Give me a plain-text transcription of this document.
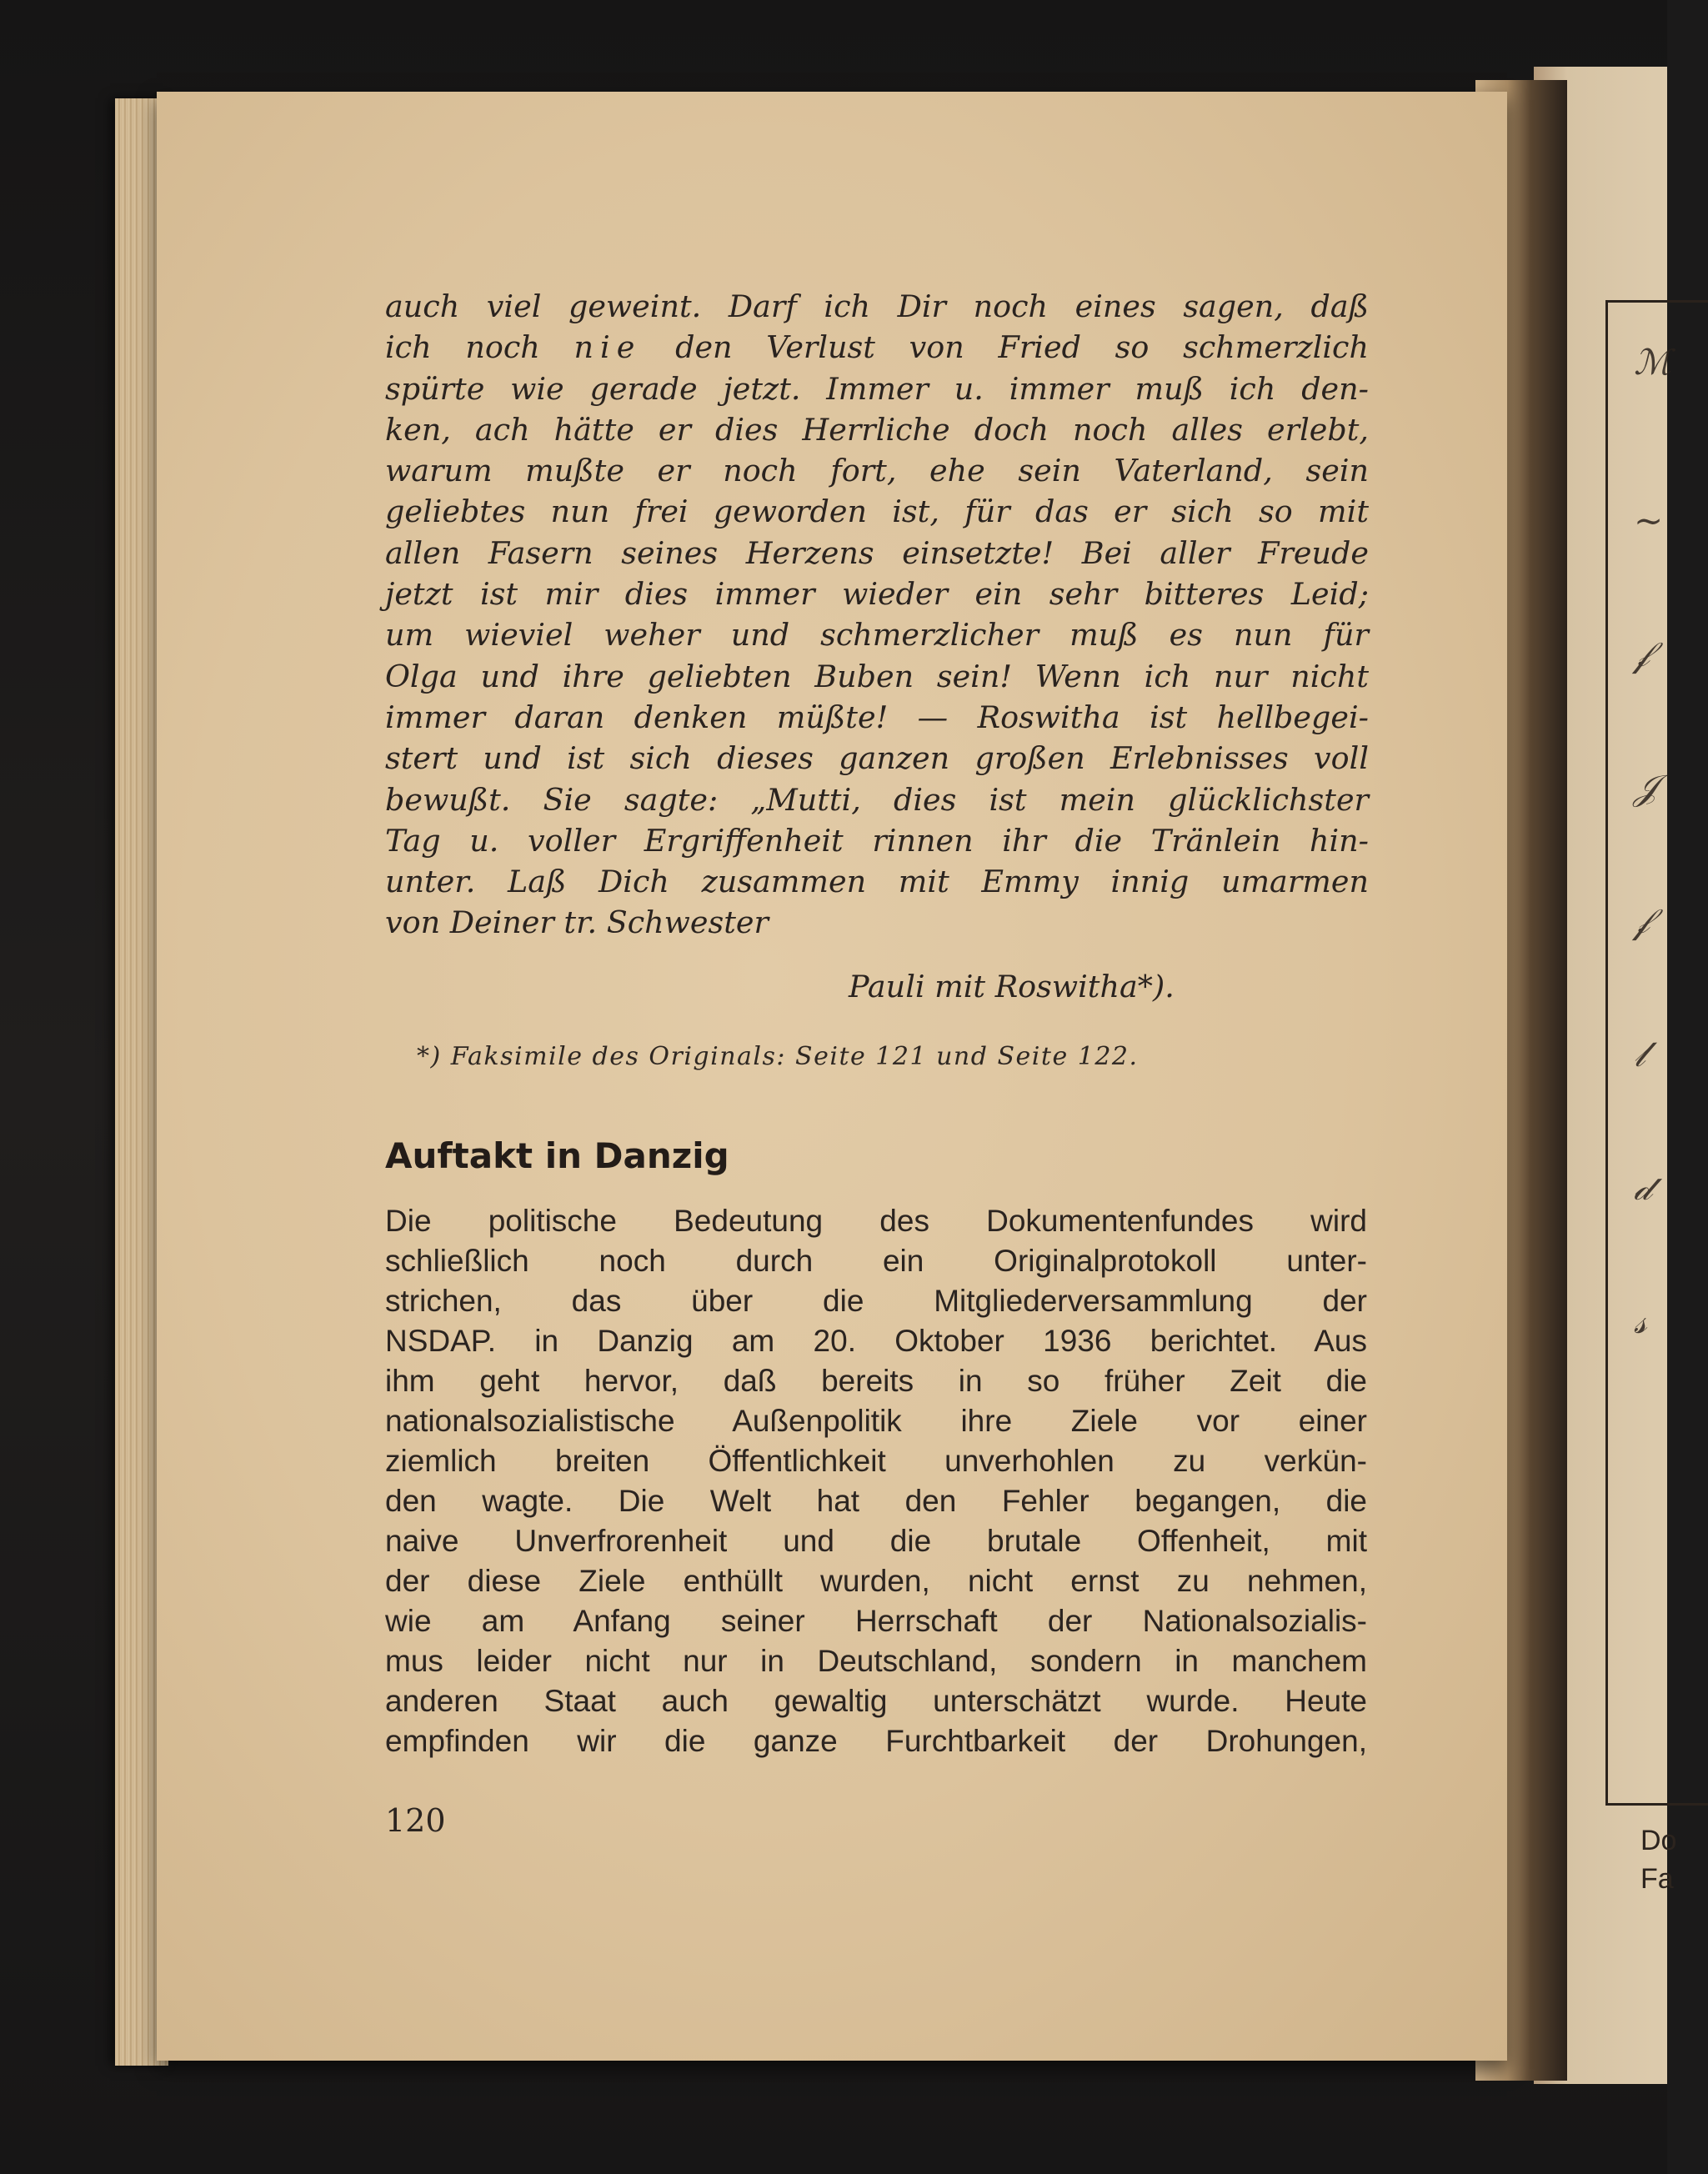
ℳ
~
𝒻
𝒥
𝒻
𝓁
𝒹
𝓈
Do
Fa
auch viel geweint. Darf ich Dir noch eines sagen, daß
ich noch nie den Verlust von Fried so schmerzlich
spürte wie gerade jetzt. Immer u. immer muß ich den-
ken, ach hätte er dies Herrliche doch noch alles erlebt,
warum mußte er noch fort, ehe sein Vaterland, sein
geliebtes nun frei geworden ist, für das er sich so mit
allen Fasern seines Herzens einsetzte! Bei aller Freude
jetzt ist mir dies immer wieder ein sehr bitteres Leid;
um wieviel weher und schmerzlicher muß es nun für
Olga und ihre geliebten Buben sein! Wenn ich nur nicht
immer daran denken müßte! — Roswitha ist hellbegei-
stert und ist sich dieses ganzen großen Erlebnisses voll
bewußt. Sie sagte: „Mutti, dies ist mein glücklichster
Tag u. voller Ergriffenheit rinnen ihr die Tränlein hin-
unter. Laß Dich zusammen mit Emmy innig umarmen
von Deiner tr. Schwester
Pauli mit Roswitha*).
*) Faksimile des Originals: Seite 121 und Seite 122.
Auftakt in Danzig
Die politische Bedeutung des Dokumentenfundes wird
schließlich noch durch ein Originalprotokoll unter-
strichen, das über die Mitgliederversammlung der
NSDAP. in Danzig am 20. Oktober 1936 berichtet. Aus
ihm geht hervor, daß bereits in so früher Zeit die
nationalsozialistische Außenpolitik ihre Ziele vor einer
ziemlich breiten Öffentlichkeit unverhohlen zu verkün-
den wagte. Die Welt hat den Fehler begangen, die
naive Unverfrorenheit und die brutale Offenheit, mit
der diese Ziele enthüllt wurden, nicht ernst zu nehmen,
wie am Anfang seiner Herrschaft der Nationalsozialis-
mus leider nicht nur in Deutschland, sondern in manchem
anderen Staat auch gewaltig unterschätzt wurde. Heute
empfinden wir die ganze Furchtbarkeit der Drohungen,
120
